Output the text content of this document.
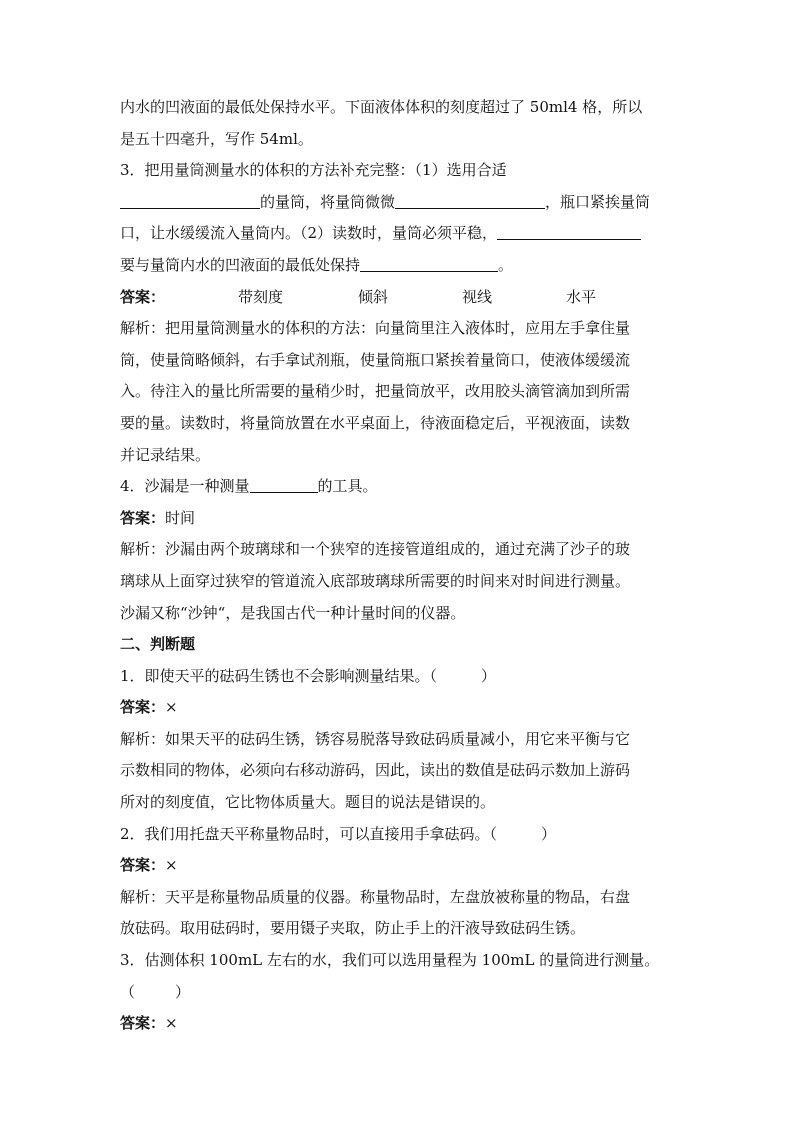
内水的凹液面的最低处保持水平。下面液体体积的刻度超过了 50ml4 格，所以
是五十四毫升，写作 54ml。
3．把用量筒测量水的体积的方法补充完整：（1）选用合适
的量筒，将量筒微微	，瓶口紧挨量筒
口，让水缓缓流入量筒内。（2）读数时，量筒必须平稳，
要与量筒内水的凹液面的最低处保持	。
答案：	带刻度	倾斜	视线	水平
解析：把用量筒测量水的体积的方法：向量筒里注入液体时，应用左手拿住量
筒，使量筒略倾斜，右手拿试剂瓶，使量筒瓶口紧挨着量筒口，使液体缓缓流
入。待注入的量比所需要的量稍少时，把量筒放平，改用胶头滴管滴加到所需
要的量。读数时，将量筒放置在水平桌面上，待液面稳定后，平视液面，读数
并记录结果。
4．沙漏是一种测量	的工具。
答案：时间
解析：沙漏由两个玻璃球和一个狭窄的连接管道组成的，通过充满了沙子的玻
璃球从上面穿过狭窄的管道流入底部玻璃球所需要的时间来对时间进行测量。
沙漏又称“沙钟“，是我国古代一种计量时间的仪器。
二、判断题
1．即使天平的砝码生锈也不会影响测量结果。（	）
答案：×
解析：如果天平的砝码生锈，锈容易脱落导致砝码质量减小，用它来平衡与它
示数相同的物体，必须向右移动游码，因此，读出的数值是砝码示数加上游码
所对的刻度值，它比物体质量大。题目的说法是错误的。
2．我们用托盘天平称量物品时，可以直接用手拿砝码。（	）
答案：×
解析：天平是称量物品质量的仪器。称量物品时，左盘放被称量的物品，右盘
放砝码。取用砝码时，要用镊子夹取，防止手上的汗液导致砝码生锈。
3．估测体积 100mL 左右的水，我们可以选用量程为 100mL 的量筒进行测量。
（	）
答案：×
